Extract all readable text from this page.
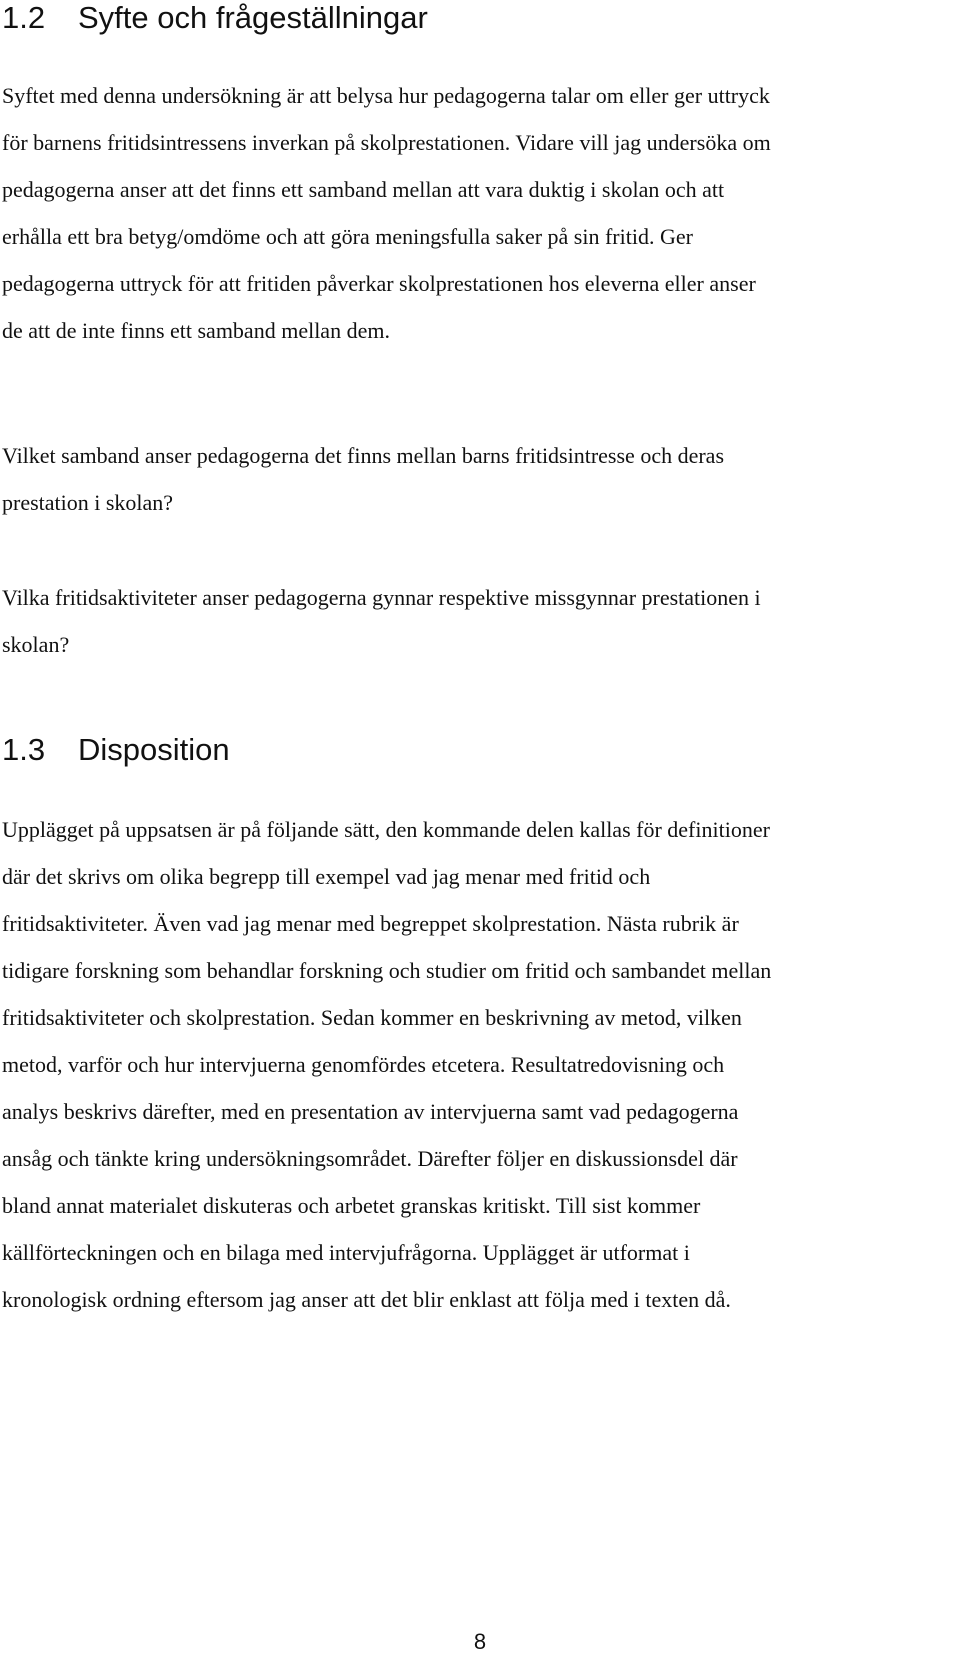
1.2 Syfte och frågeställningar

Syftet med denna undersökning är att belysa hur pedagogerna talar om eller ger uttryck
för barnens fritidsintressens inverkan på skolprestationen. Vidare vill jag undersöka om
pedagogerna anser att det finns ett samband mellan att vara duktig i skolan och att
erhålla ett bra betyg/omdöme och att göra meningsfulla saker på sin fritid. Ger
pedagogerna uttryck för att fritiden påverkar skolprestationen hos eleverna eller anser
de att de inte finns ett samband mellan dem.

Vilket samband anser pedagogerna det finns mellan barns fritidsintresse och deras
prestation i skolan?

Vilka fritidsaktiviteter anser pedagogerna gynnar respektive missgynnar prestationen i
skolan?

1.3 Disposition

Upplägget på uppsatsen är på följande sätt, den kommande delen kallas för definitioner
där det skrivs om olika begrepp till exempel vad jag menar med fritid och
fritidsaktiviteter. Även vad jag menar med begreppet skolprestation. Nästa rubrik är
tidigare forskning som behandlar forskning och studier om fritid och sambandet mellan
fritidsaktiviteter och skolprestation. Sedan kommer en beskrivning av metod, vilken
metod, varför och hur intervjuerna genomfördes etcetera. Resultatredovisning och
analys beskrivs därefter, med en presentation av intervjuerna samt vad pedagogerna
ansåg och tänkte kring undersökningsområdet. Därefter följer en diskussionsdel där
bland annat materialet diskuteras och arbetet granskas kritiskt. Till sist kommer
källförteckningen och en bilaga med intervjufrågorna. Upplägget är utformat i
kronologisk ordning eftersom jag anser att det blir enklast att följa med i texten då.

8
